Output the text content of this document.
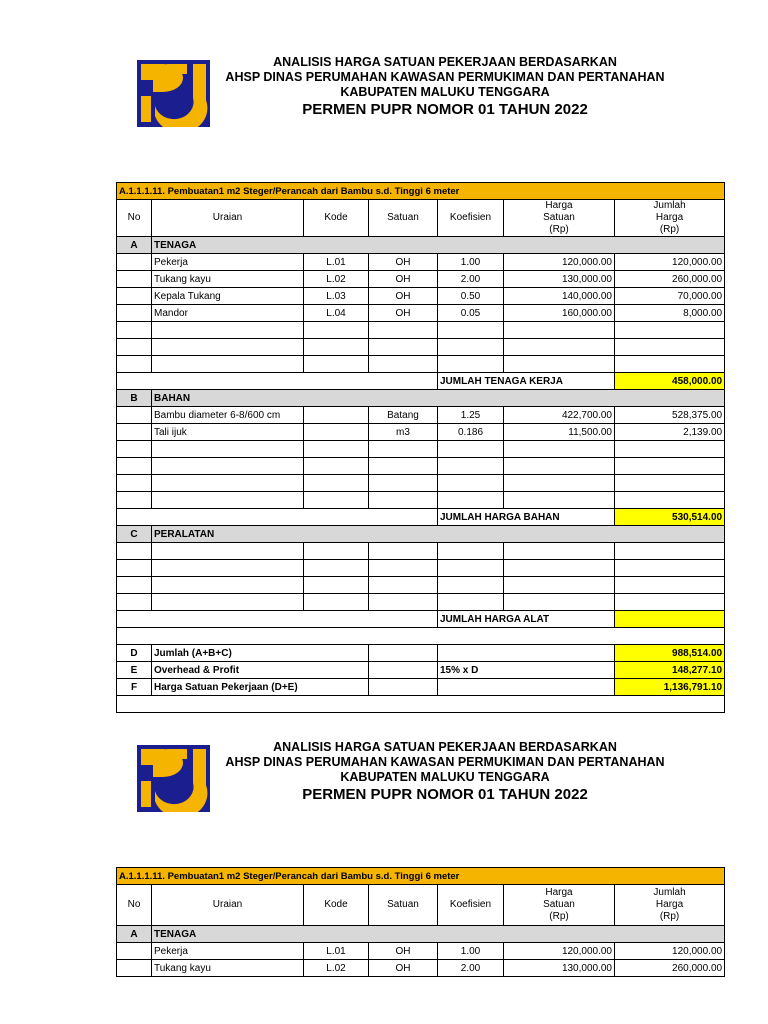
ANALISIS HARGA SATUAN PEKERJAAN BERDASARKAN
AHSP DINAS PERUMAHAN KAWASAN PERMUKIMAN DAN PERTANAHAN
KABUPATEN MALUKU TENGGARA
PERMEN PUPR NOMOR 01 TAHUN 2022
A.1.1.1.11. Pembuatan1 m2 Steger/Perancah dari Bambu s.d. Tinggi 6 meter						
No	Uraian	Kode	Satuan	Koefisien	Harga
Satuan
(Rp)	Jumlah
Harga
(Rp)
A	TENAGA					
	Pekerja	L.01	OH	1.00	120,000.00	120,000.00
	Tukang kayu	L.02	OH	2.00	130,000.00	260,000.00
	Kepala Tukang	L.03	OH	0.50	140,000.00	70,000.00
	Mandor	L.04	OH	0.05	160,000.00	8,000.00

				JUMLAH TENAGA KERJA		458,000.00
B	BAHAN					
	Bambu diameter 6-8/600 cm		Batang	1.25	422,700.00	528,375.00
	Tali ijuk		m3	0.186	11,500.00	2,139.00

				JUMLAH HARGA BAHAN		530,514.00
C	PERALATAN					

				JUMLAH HARGA ALAT		

D	Jumlah (A+B+C)					988,514.00
E	Overhead & Profit			15% x D		148,277.10
F	Harga Satuan Pekerjaan (D+E)					1,136,791.10

ANALISIS HARGA SATUAN PEKERJAAN BERDASARKAN
AHSP DINAS PERUMAHAN KAWASAN PERMUKIMAN DAN PERTANAHAN
KABUPATEN MALUKU TENGGARA
PERMEN PUPR NOMOR 01 TAHUN 2022
A.1.1.1.11. Pembuatan1 m2 Steger/Perancah dari Bambu s.d. Tinggi 6 meter						
No	Uraian	Kode	Satuan	Koefisien	Harga
Satuan
(Rp)	Jumlah
Harga
(Rp)
A	TENAGA					
	Pekerja	L.01	OH	1.00	120,000.00	120,000.00
	Tukang kayu	L.02	OH	2.00	130,000.00	260,000.00
